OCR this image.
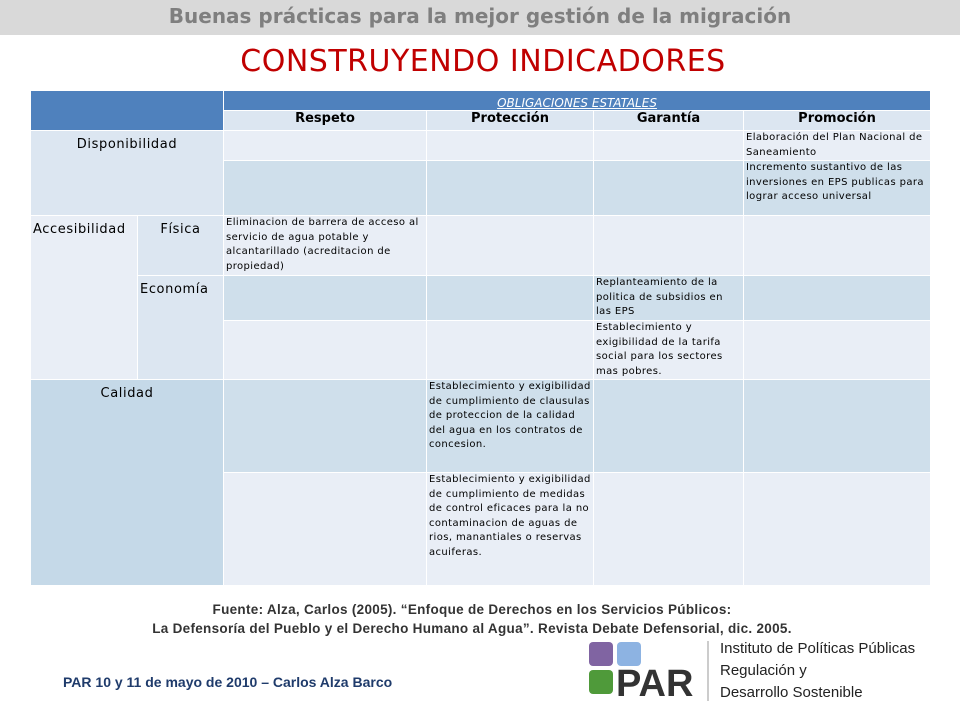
Buenas prácticas para la mejor gestión de la migración
CONSTRUYENDO INDICADORES
		OBLIGACIONES ESTATALES			
		Respeto	Protección	Garantía	Promoción
Disponibilidad					Elaboración del Plan Nacional de Saneamiento
					Incremento sustantivo de las inversiones en EPS publicas para lograr acceso universal
Accesibilidad	Física	Eliminacion de barrera de acceso al servicio de agua potable y alcantarillado (acreditacion de propiedad)			
	Economía			Replanteamiento de la politica de subsidios en las EPS	
				Establecimiento y exigibilidad de la tarifa social para los sectores mas pobres.	
Calidad			Establecimiento y exigibilidad de cumplimiento de clausulas de proteccion de la calidad del agua en los contratos de concesion.		
			Establecimiento y exigibilidad de cumplimiento de medidas de control eficaces para la no contaminacion de aguas de rios, manantiales o reservas acuiferas.		
Fuente: Alza, Carlos (2005). “Enfoque de Derechos en los Servicios Públicos:
La Defensoría del Pueblo y el Derecho Humano al Agua”. Revista Debate Defensorial, dic. 2005.
PAR 10 y 11 de mayo de 2010 – Carlos Alza Barco	PAR
Instituto de Políticas Públicas
Regulación y
Desarrollo Sostenible
